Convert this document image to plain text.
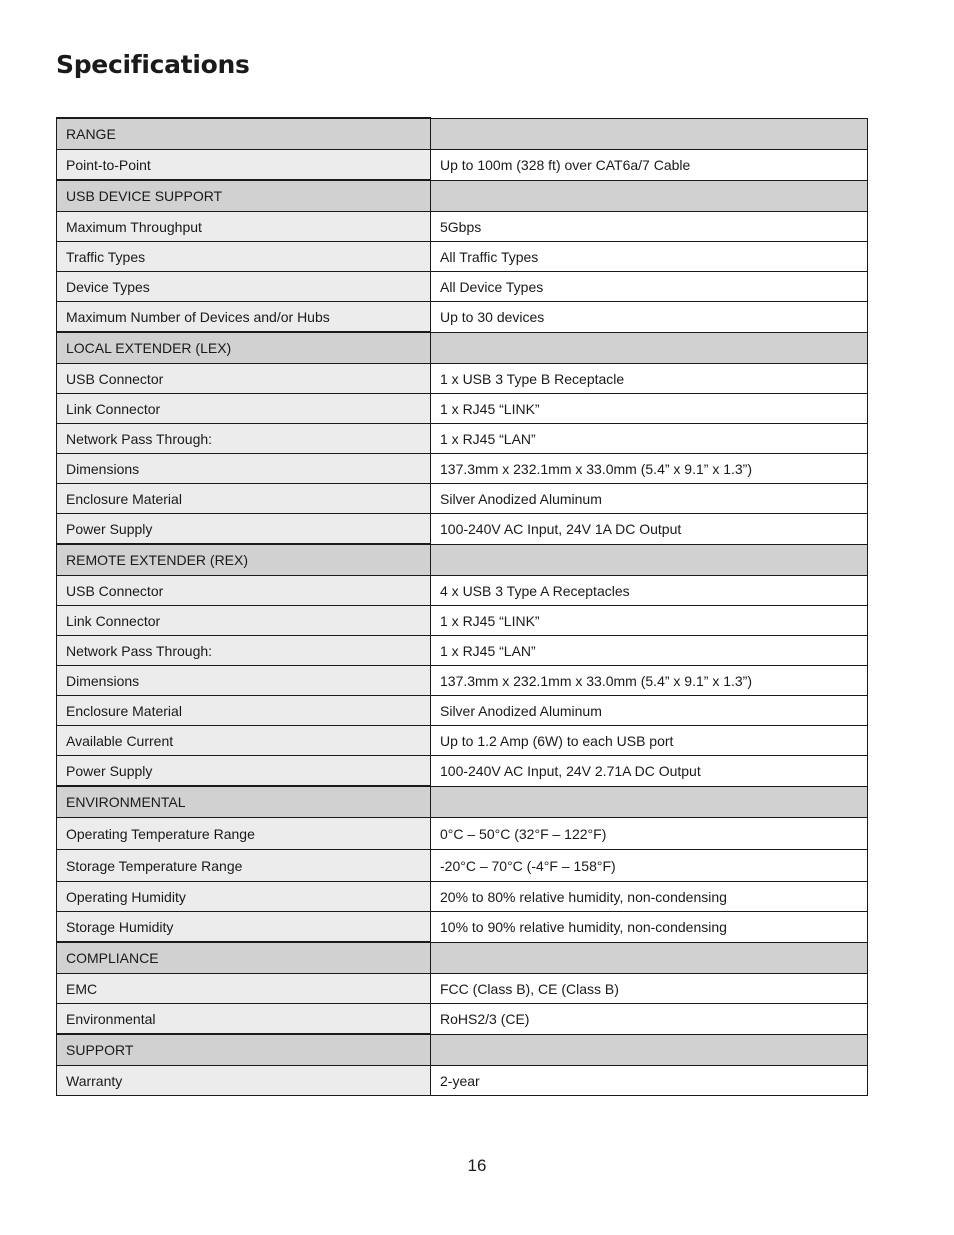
Specifications
RANGE	
Point-to-Point	Up to 100m (328 ft) over CAT6a/7 Cable
USB DEVICE SUPPORT	
Maximum Throughput	5Gbps
Traffic Types	All Traffic Types
Device Types	All Device Types
Maximum Number of Devices and/or Hubs	Up to 30 devices
LOCAL EXTENDER (LEX)	
USB Connector	1 x USB 3 Type B Receptacle
Link Connector	1 x RJ45 “LINK”
Network Pass Through:	1 x RJ45 “LAN”
Dimensions	137.3mm x 232.1mm x 33.0mm (5.4” x 9.1” x 1.3”)
Enclosure Material	Silver Anodized Aluminum
Power Supply	100-240V AC Input, 24V 1A DC Output
REMOTE EXTENDER (REX)	
USB Connector	4 x USB 3 Type A Receptacles
Link Connector	1 x RJ45 “LINK”
Network Pass Through:	1 x RJ45 “LAN”
Dimensions	137.3mm x 232.1mm x 33.0mm (5.4” x 9.1” x 1.3”)
Enclosure Material	Silver Anodized Aluminum
Available Current	Up to 1.2 Amp (6W) to each USB port
Power Supply	100-240V AC Input, 24V 2.71A DC Output
ENVIRONMENTAL	
Operating Temperature Range	0°C – 50°C (32°F – 122°F)
Storage Temperature Range	-20°C – 70°C (-4°F – 158°F)
Operating Humidity	20% to 80% relative humidity, non-condensing
Storage Humidity	10% to 90% relative humidity, non-condensing
COMPLIANCE	
EMC	FCC (Class B), CE (Class B)
Environmental	RoHS2/3 (CE)
SUPPORT	
Warranty	2-year
16
